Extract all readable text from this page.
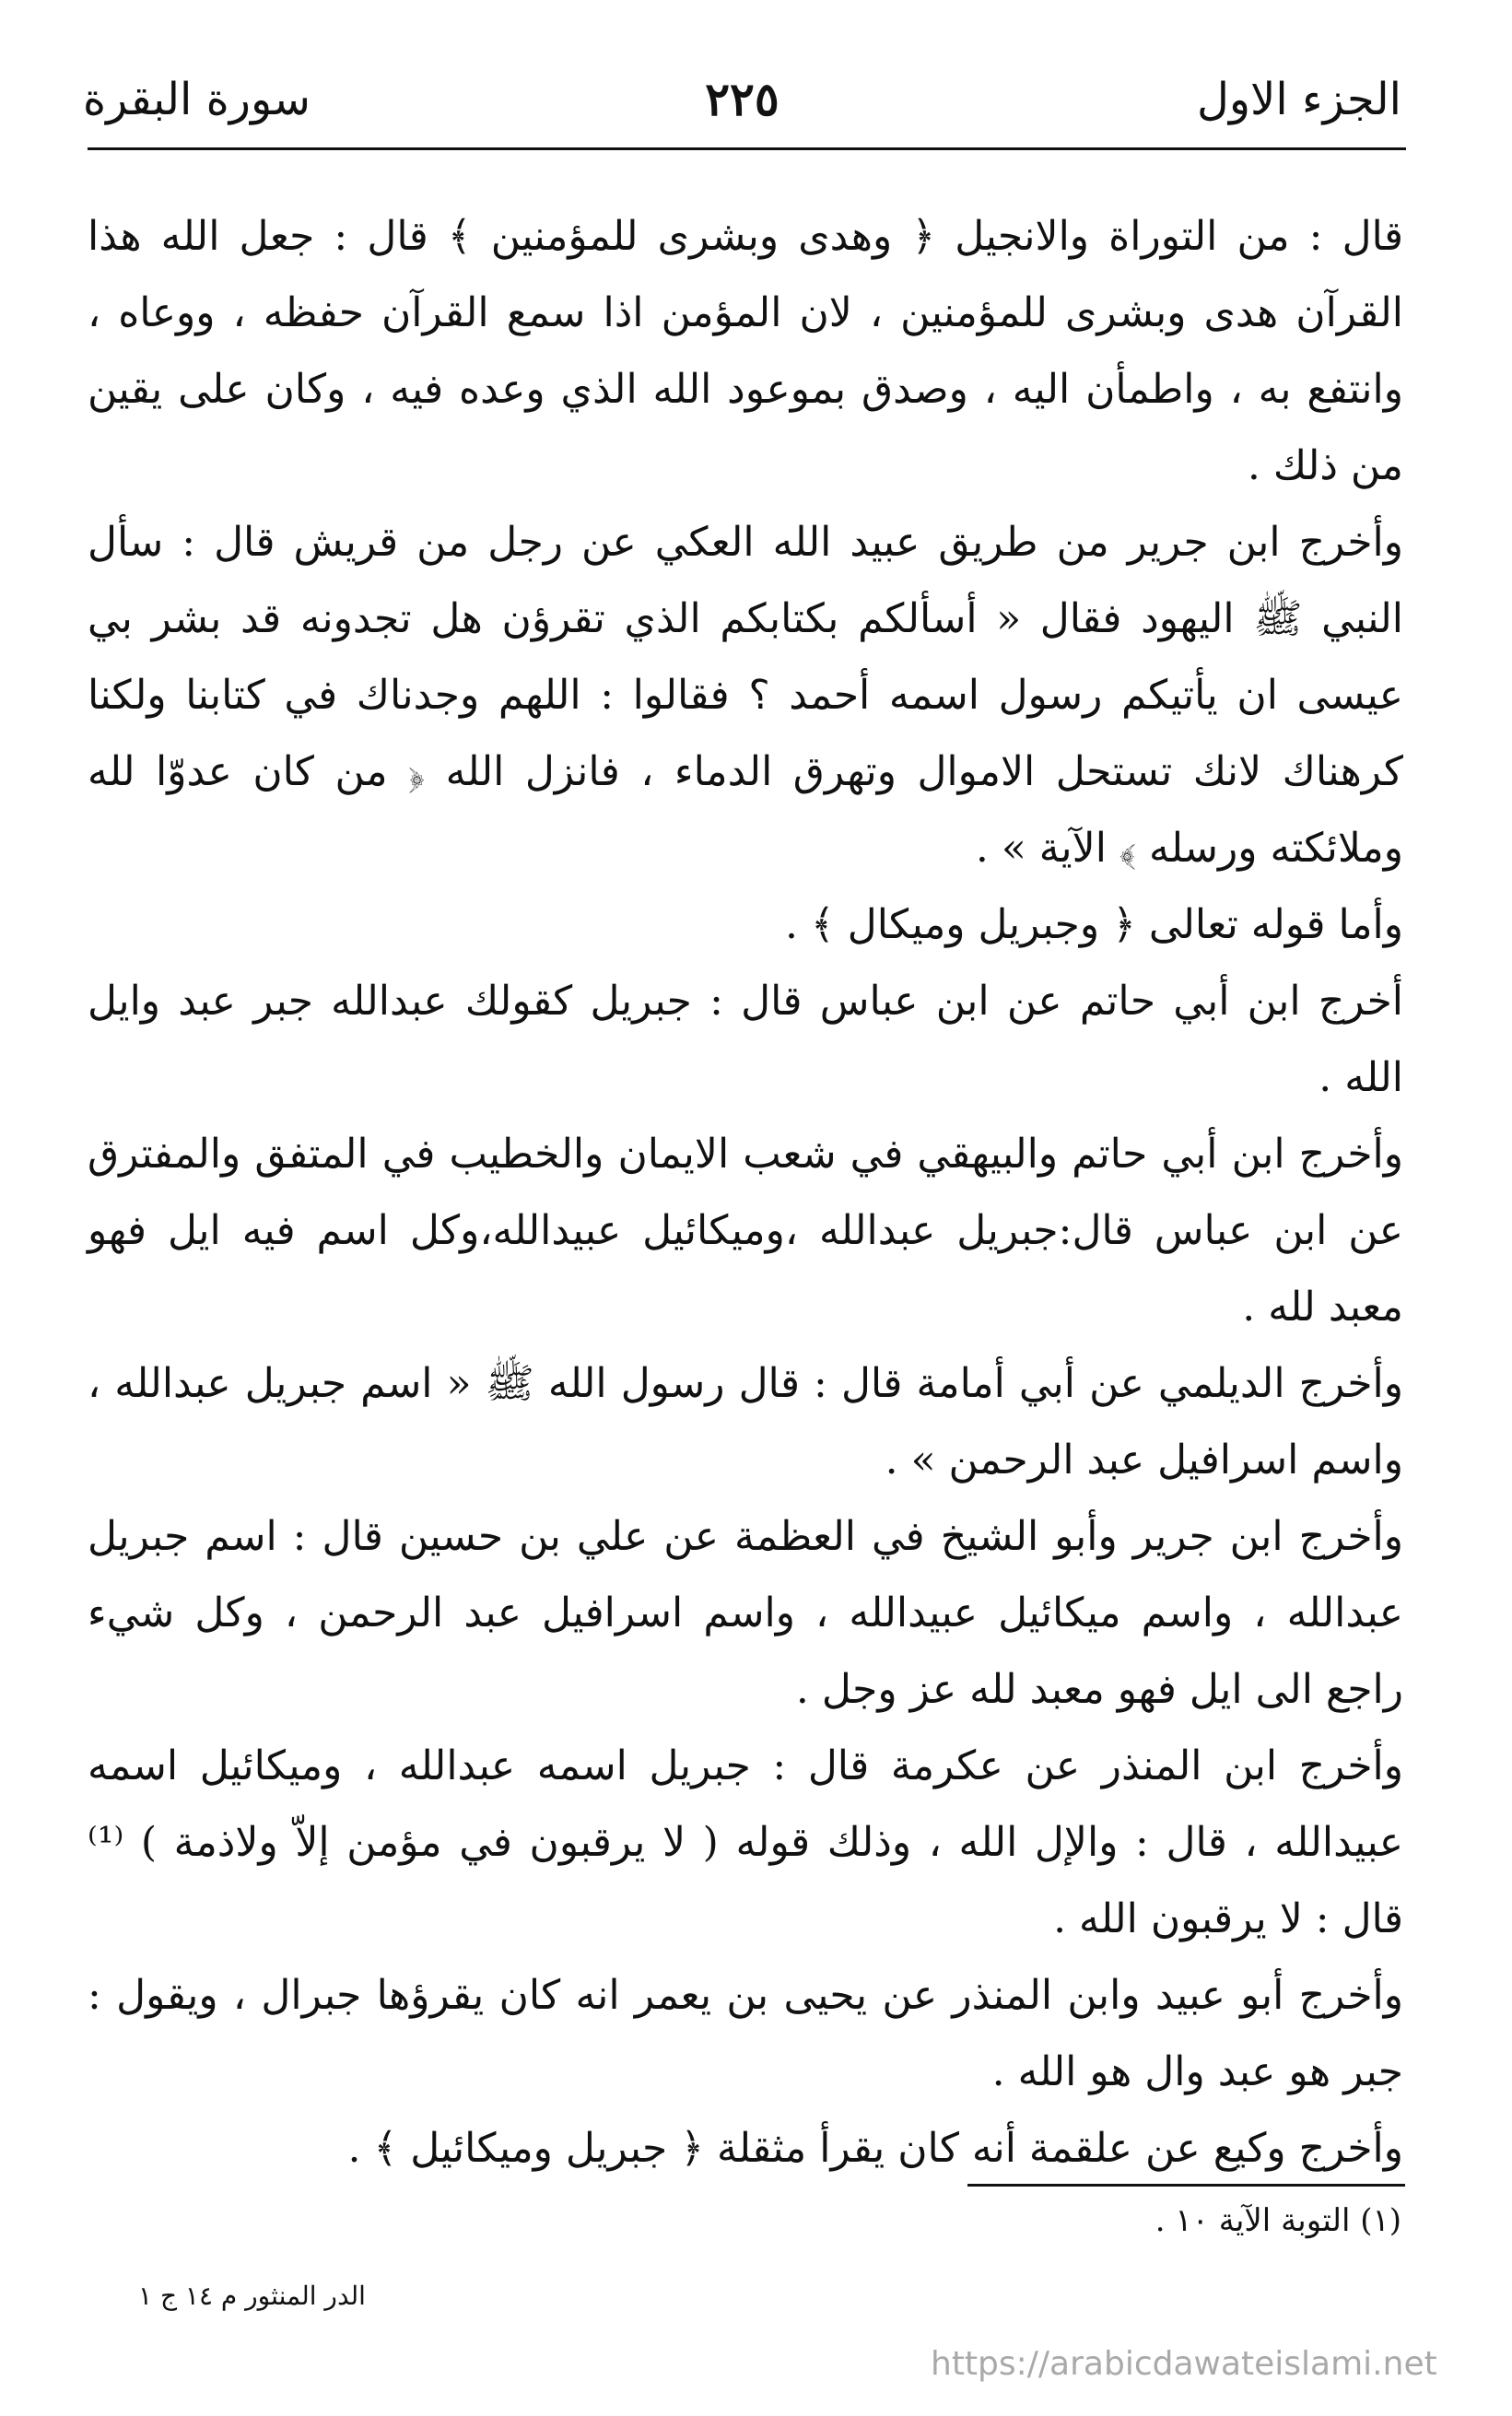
الجزء الاول
٢٢٥
سورة البقرة

قال : من التوراة والانجيل ﴿ وهدى وبشرى للمؤمنين ﴾ قال : جعل الله هذا القرآن هدى وبشرى للمؤمنين ، لان المؤمن اذا سمع القرآن حفظه ، ووعاه ، وانتفع به ، واطمأن اليه ، وصدق بموعود الله الذي وعده فيه ، وكان على يقين من ذلك .

وأخرج ابن جرير من طريق عبيد الله العكي عن رجل من قريش قال : سأل النبي ﷺ اليهود فقال « أسألكم بكتابكم الذي تقرؤن هل تجدونه قد بشر بي عيسى ان يأتيكم رسول اسمه أحمد ؟ فقالوا : اللهم وجدناك في كتابنا ولكنا كرهناك لانك تستحل الاموال وتهرق الدماء ، فانزل الله ﴿ من كان عدوّا لله وملائكته ورسله ﴾ الآية » .

وأما قوله تعالى ﴿ وجبريل وميكال ﴾ .

أخرج ابن أبي حاتم عن ابن عباس قال : جبريل كقولك عبدالله جبر عبد وايل الله .

وأخرج ابن أبي حاتم والبيهقي في شعب الايمان والخطيب في المتفق والمفترق عن ابن عباس قال:جبريل عبدالله ،وميكائيل عبيدالله،وكل اسم فيه ايل فهو معبد لله .

وأخرج الديلمي عن أبي أمامة قال : قال رسول الله ﷺ « اسم جبريل عبدالله ، واسم اسرافيل عبد الرحمن » .

وأخرج ابن جرير وأبو الشيخ في العظمة عن علي بن حسين قال : اسم جبريل عبدالله ، واسم ميكائيل عبيدالله ، واسم اسرافيل عبد الرحمن ، وكل شيء راجع الى ايل فهو معبد لله عز وجل .

وأخرج ابن المنذر عن عكرمة قال : جبريل اسمه عبدالله ، وميكائيل اسمه عبيدالله ، قال : والإل الله ، وذلك قوله ( لا يرقبون في مؤمن إلاّ ولاذمة ) ⁽¹⁾ قال : لا يرقبون الله .

وأخرج أبو عبيد وابن المنذر عن يحيى بن يعمر انه كان يقرؤها جبرال ، ويقول : جبر هو عبد وال هو الله .

وأخرج وكيع عن علقمة أنه كان يقرأ مثقلة ﴿ جبريل وميكائيل ﴾ .

(١) التوبة الآية ١٠ .
الدر المنثور م ١٤ ج ١
https://arabicdawateislami.net
